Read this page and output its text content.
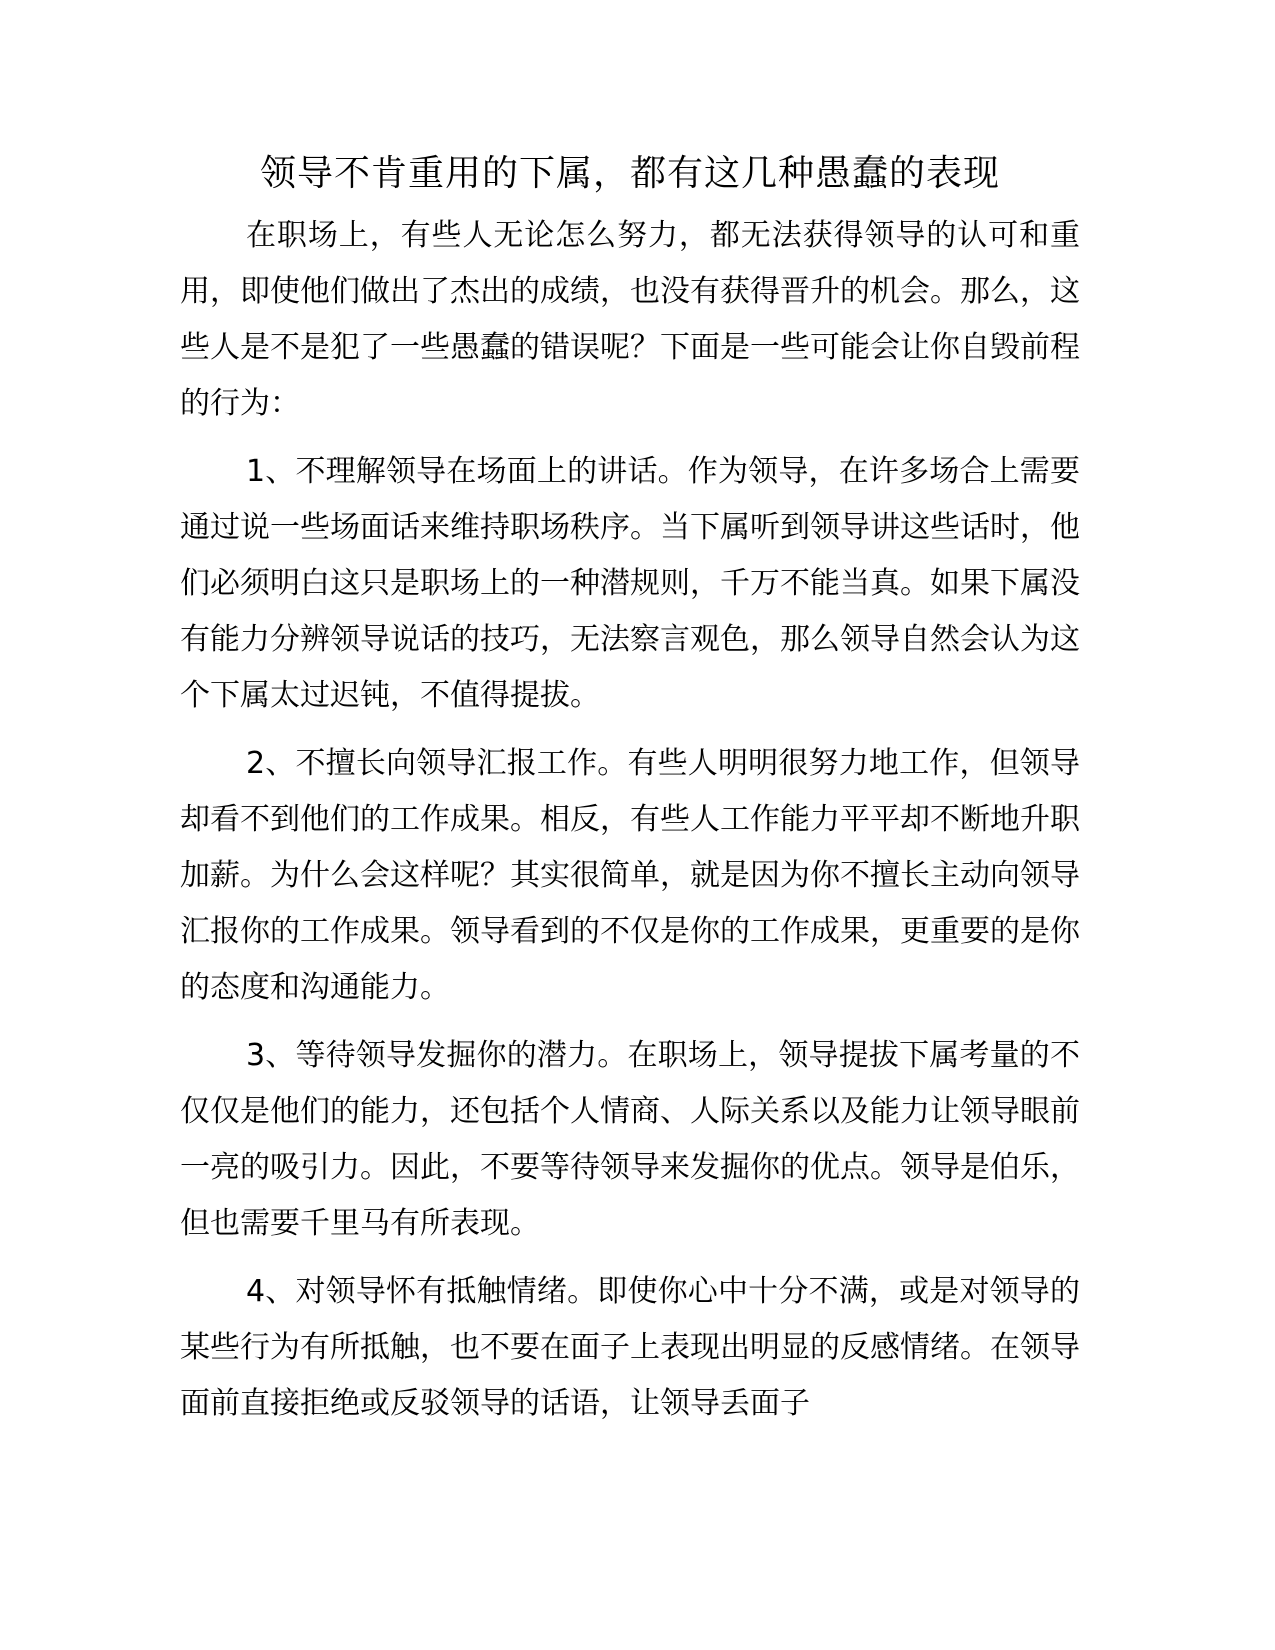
领导不肯重用的下属，都有这几种愚蠢的表现

在职场上，有些人无论怎么努力，都无法获得领导的认可和重用，即使他们做出了杰出的成绩，也没有获得晋升的机会。那么，这些人是不是犯了一些愚蠢的错误呢？下面是一些可能会让你自毁前程的行为：

1、不理解领导在场面上的讲话。作为领导，在许多场合上需要通过说一些场面话来维持职场秩序。当下属听到领导讲这些话时，他们必须明白这只是职场上的一种潜规则，千万不能当真。如果下属没有能力分辨领导说话的技巧，无法察言观色，那么领导自然会认为这个下属太过迟钝，不值得提拔。

2、不擅长向领导汇报工作。有些人明明很努力地工作，但领导却看不到他们的工作成果。相反，有些人工作能力平平却不断地升职加薪。为什么会这样呢？其实很简单，就是因为你不擅长主动向领导汇报你的工作成果。领导看到的不仅是你的工作成果，更重要的是你的态度和沟通能力。

3、等待领导发掘你的潜力。在职场上，领导提拔下属考量的不仅仅是他们的能力，还包括个人情商、人际关系以及能力让领导眼前一亮的吸引力。因此，不要等待领导来发掘你的优点。领导是伯乐，但也需要千里马有所表现。

4、对领导怀有抵触情绪。即使你心中十分不满，或是对领导的某些行为有所抵触，也不要在面子上表现出明显的反感情绪。在领导面前直接拒绝或反驳领导的话语，让领导丢面子
